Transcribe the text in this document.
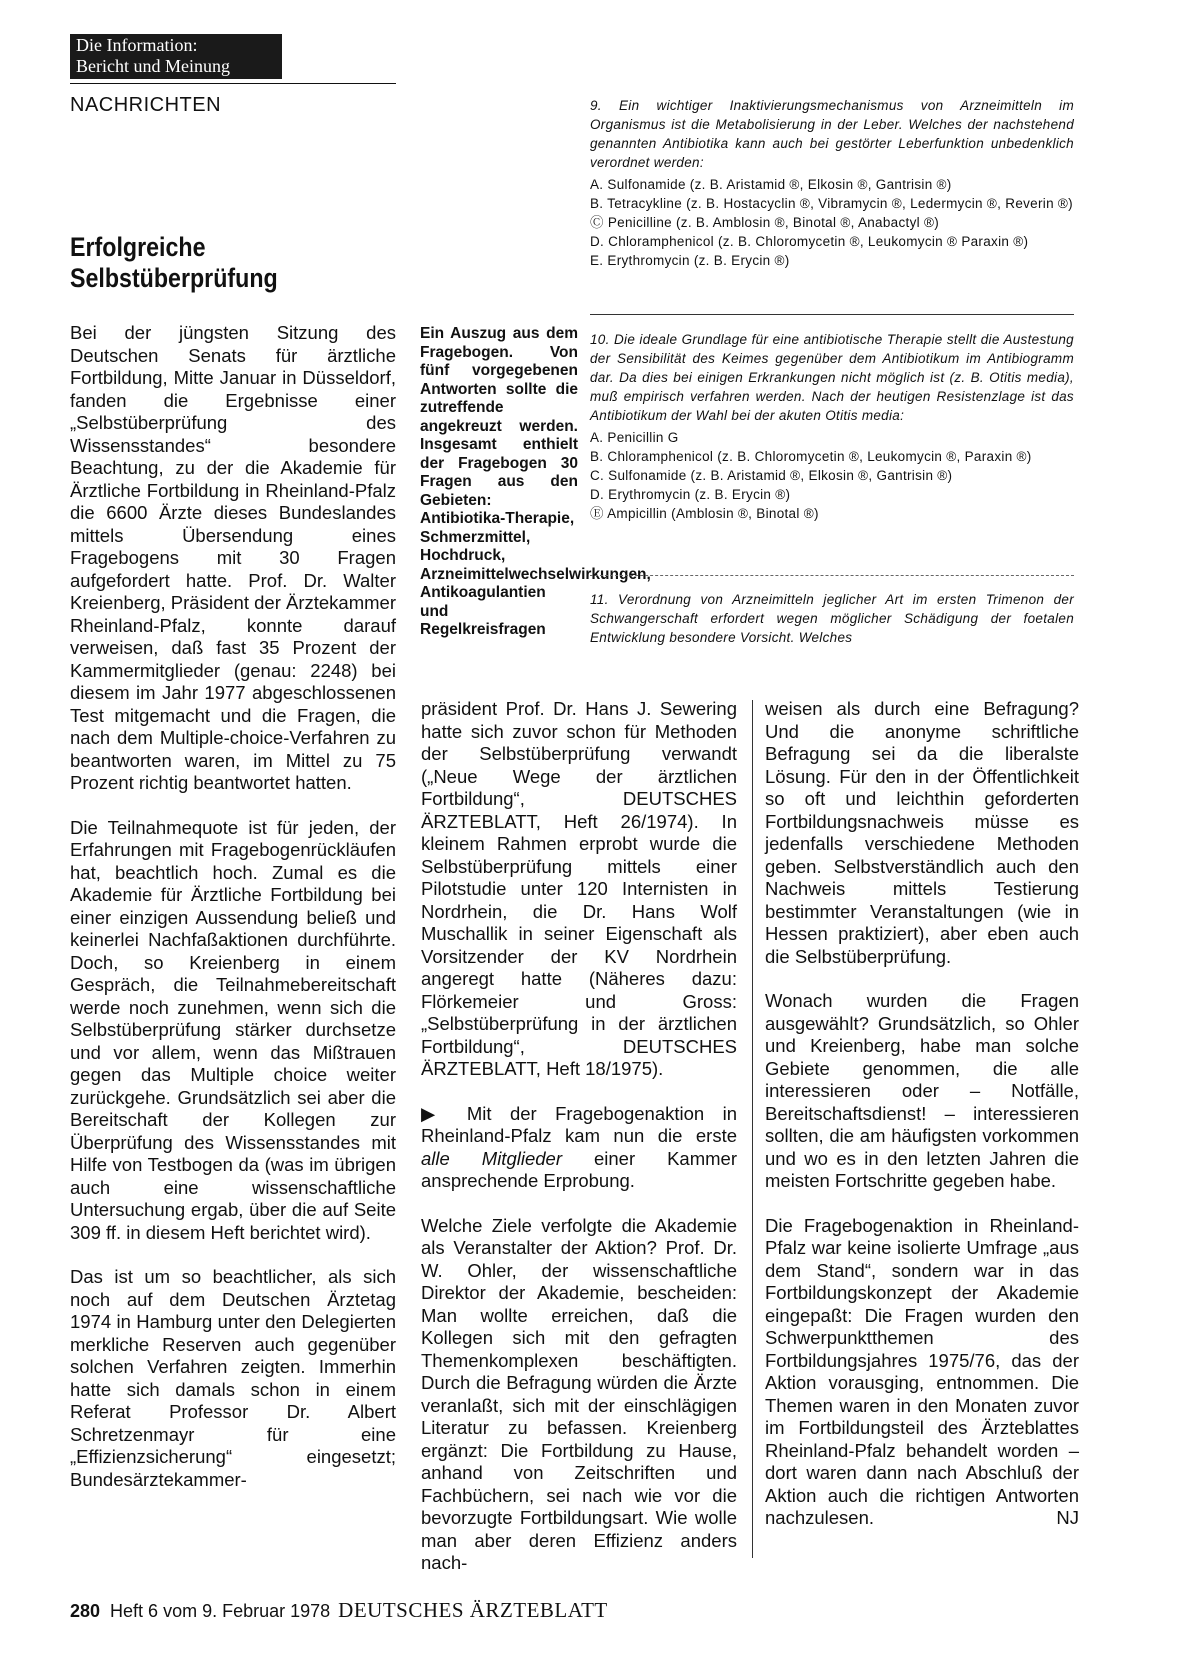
Die Information:
Bericht und Meinung
NACHRICHTEN
Erfolgreiche
Selbstüberprüfung

Bei der jüngsten Sitzung des Deutschen Senats für ärztliche Fortbildung, Mitte Januar in Düsseldorf, fanden die Ergebnisse einer „Selbstüberprüfung des Wissensstandes“ besondere Beachtung, zu der die Akademie für Ärztliche Fortbildung in Rheinland-Pfalz die 6600 Ärzte dieses Bundeslandes mittels Übersendung eines Fragebogens mit 30 Fragen aufgefordert hatte. Prof. Dr. Walter Kreienberg, Präsident der Ärztekammer Rheinland-Pfalz, konnte darauf verweisen, daß fast 35 Prozent der Kammermitglieder (genau: 2248) bei diesem im Jahr 1977 abgeschlossenen Test mitgemacht und die Fragen, die nach dem Multiple-choice-Verfahren zu beantworten waren, im Mittel zu 75 Prozent richtig beantwortet hatten.

Die Teilnahmequote ist für jeden, der Erfahrungen mit Fragebogenrückläufen hat, beachtlich hoch. Zumal es die Akademie für Ärztliche Fortbildung bei einer einzigen Aussendung beließ und keinerlei Nachfaßaktionen durchführte. Doch, so Kreienberg in einem Gespräch, die Teilnahmebereitschaft werde noch zunehmen, wenn sich die Selbstüberprüfung stärker durchsetze und vor allem, wenn das Mißtrauen gegen das Multiple choice weiter zurückgehe. Grundsätzlich sei aber die Bereitschaft der Kollegen zur Überprüfung des Wissensstandes mit Hilfe von Testbogen da (was im übrigen auch eine wissenschaftliche Untersuchung ergab, über die auf Seite 309 ff. in diesem Heft berichtet wird).

Das ist um so beachtlicher, als sich noch auf dem Deutschen Ärztetag 1974 in Hamburg unter den Delegierten merkliche Reserven auch gegenüber solchen Verfahren zeigten. Immerhin hatte sich damals schon in einem Referat Professor Dr. Albert Schretzenmayr für eine „Effizienzsicherung“ eingesetzt; Bundesärztekammer-

Ein Auszug aus dem Fragebogen. Von fünf vorgegebenen Antworten sollte die zutreffende angekreuzt werden. Insgesamt enthielt der Fragebogen 30 Fragen aus den Gebieten: Antibiotika-Therapie, Schmerzmittel, Hochdruck, Arzneimittelwechselwirkungen, Antikoagulantien und Regelkreisfragen
9. Ein wichtiger Inaktivierungsmechanismus von Arzneimitteln im Organismus ist die Metabolisierung in der Leber. Welches der nachstehend genannten Antibiotika kann auch bei gestörter Leberfunktion unbedenklich verordnet werden:

A. Sulfonamide (z. B. Aristamid ®, Elkosin ®, Gantrisin ®)

B. Tetracykline (z. B. Hostacyclin ®, Vibramycin ®, Ledermycin ®, Reverin ®)

Ⓒ Penicilline (z. B. Amblosin ®, Binotal ®, Anabactyl ®)

D. Chloramphenicol (z. B. Chloromycetin ®, Leukomycin ® Paraxin ®)

E. Erythromycin (z. B. Erycin ®)

10. Die ideale Grundlage für eine antibiotische Therapie stellt die Austestung der Sensibilität des Keimes gegenüber dem Antibiotikum im Antibiogramm dar. Da dies bei einigen Erkrankungen nicht möglich ist (z. B. Otitis media), muß empirisch verfahren werden. Nach der heutigen Resistenzlage ist das Antibiotikum der Wahl bei der akuten Otitis media:

A. Penicillin G

B. Chloramphenicol (z. B. Chloromycetin ®, Leukomycin ®, Paraxin ®)

C. Sulfonamide (z. B. Aristamid ®, Elkosin ®, Gantrisin ®)

D. Erythromycin (z. B. Erycin ®)

Ⓔ Ampicillin (Amblosin ®, Binotal ®)

11. Verordnung von Arzneimitteln jeglicher Art im ersten Trimenon der Schwangerschaft erfordert wegen möglicher Schädigung der foetalen Entwicklung besondere Vorsicht. Welches

präsident Prof. Dr. Hans J. Sewering hatte sich zuvor schon für Methoden der Selbstüberprüfung verwandt („Neue Wege der ärztlichen Fortbildung“, DEUTSCHES ÄRZTEBLATT, Heft 26/1974). In kleinem Rahmen erprobt wurde die Selbstüberprüfung mittels einer Pilotstudie unter 120 Internisten in Nordrhein, die Dr. Hans Wolf Muschallik in seiner Eigenschaft als Vorsitzender der KV Nordrhein angeregt hatte (Näheres dazu: Flörkemeier und Gross: „Selbstüberprüfung in der ärztlichen Fortbildung“, DEUTSCHES ÄRZTEBLATT, Heft 18/1975).

▶ Mit der Fragebogenaktion in Rheinland-Pfalz kam nun die erste alle Mitglieder einer Kammer ansprechende Erprobung.

Welche Ziele verfolgte die Akademie als Veranstalter der Aktion? Prof. Dr. W. Ohler, der wissenschaftliche Direktor der Akademie, bescheiden: Man wollte erreichen, daß die Kollegen sich mit den gefragten Themenkomplexen beschäftigten. Durch die Befragung würden die Ärzte veranlaßt, sich mit der einschlägigen Literatur zu befassen. Kreienberg ergänzt: Die Fortbildung zu Hause, anhand von Zeitschriften und Fachbüchern, sei nach wie vor die bevorzugte Fortbildungsart. Wie wolle man aber deren Effizienz anders nach-

weisen als durch eine Befragung? Und die anonyme schriftliche Befragung sei da die liberalste Lösung. Für den in der Öffentlichkeit so oft und leichthin geforderten Fortbildungsnachweis müsse es jedenfalls verschiedene Methoden geben. Selbstverständlich auch den Nachweis mittels Testierung bestimmter Veranstaltungen (wie in Hessen praktiziert), aber eben auch die Selbstüberprüfung.

Wonach wurden die Fragen ausgewählt? Grundsätzlich, so Ohler und Kreienberg, habe man solche Gebiete genommen, die alle interessieren oder – Notfälle, Bereitschaftsdienst! – interessieren sollten, die am häufigsten vorkommen und wo es in den letzten Jahren die meisten Fortschritte gegeben habe.

Die Fragebogenaktion in Rheinland-Pfalz war keine isolierte Umfrage „aus dem Stand“, sondern war in das Fortbildungskonzept der Akademie eingepaßt: Die Fragen wurden den Schwerpunktthemen des Fortbildungsjahres 1975/76, das der Aktion vorausging, entnommen. Die Themen waren in den Monaten zuvor im Fortbildungsteil des Ärzteblattes Rheinland-Pfalz behandelt worden – dort waren dann nach Abschluß der Aktion auch die richtigen Antworten nachzulesen.	NJ

280 Heft 6 vom 9. Februar 1978 DEUTSCHES ÄRZTEBLATT
